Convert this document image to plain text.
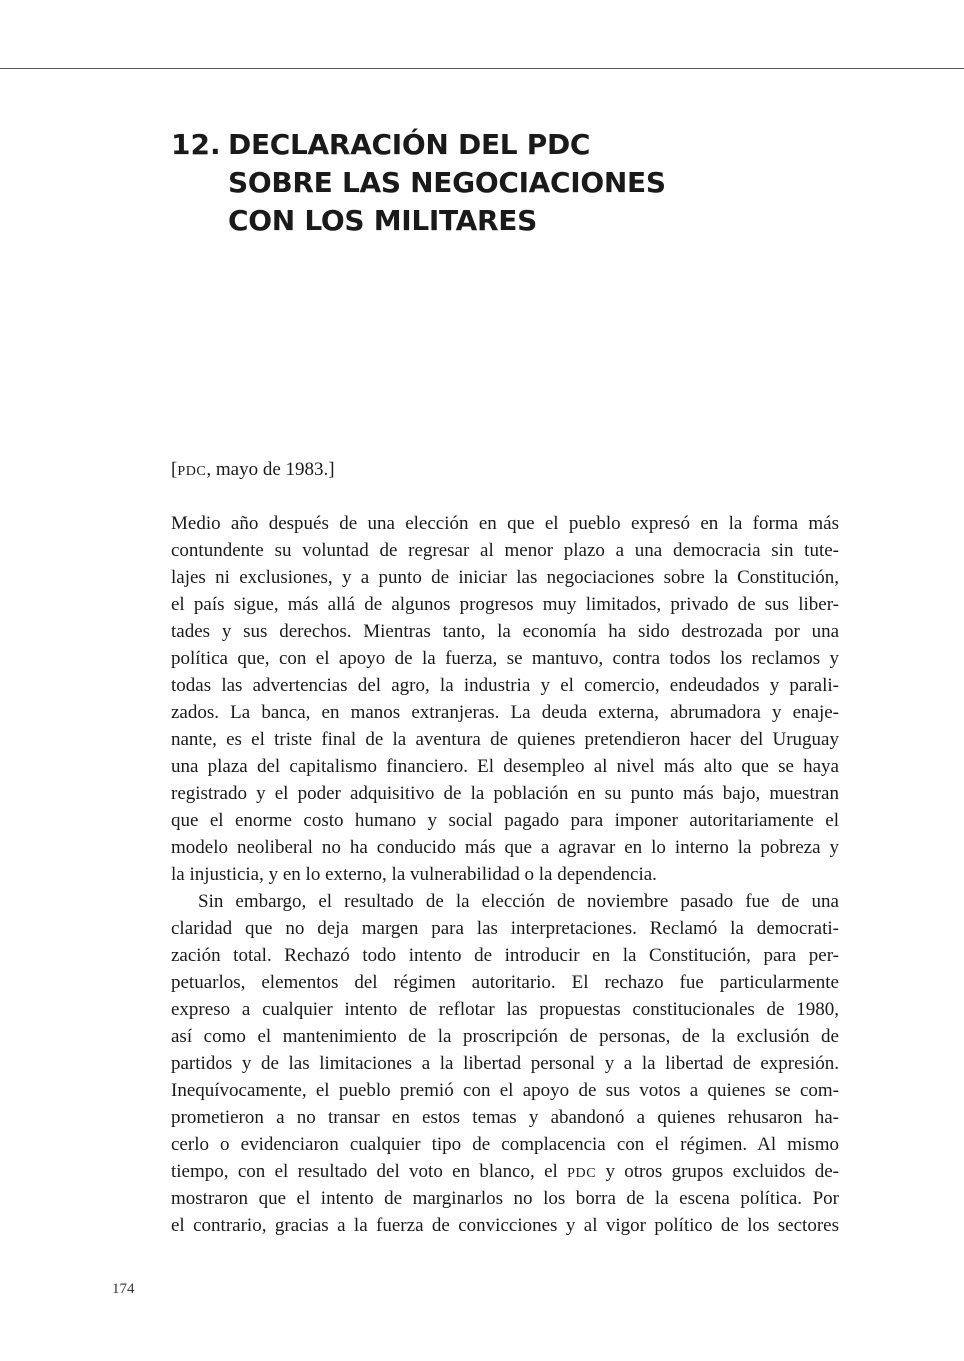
12. DECLARACIÓN DEL PDC
SOBRE LAS NEGOCIACIONES
CON LOS MILITARES
[PDC, mayo de 1983.]
Medio año después de una elección en que el pueblo expresó en la forma más
contundente su voluntad de regresar al menor plazo a una democracia sin tute-
lajes ni exclusiones, y a punto de iniciar las negociaciones sobre la Constitución,
el país sigue, más allá de algunos progresos muy limitados, privado de sus liber-
tades y sus derechos. Mientras tanto, la economía ha sido destrozada por una
política que, con el apoyo de la fuerza, se mantuvo, contra todos los reclamos y
todas las advertencias del agro, la industria y el comercio, endeudados y parali-
zados. La banca, en manos extranjeras. La deuda externa, abrumadora y enaje-
nante, es el triste final de la aventura de quienes pretendieron hacer del Uruguay
una plaza del capitalismo financiero. El desempleo al nivel más alto que se haya
registrado y el poder adquisitivo de la población en su punto más bajo, muestran
que el enorme costo humano y social pagado para imponer autoritariamente el
modelo neoliberal no ha conducido más que a agravar en lo interno la pobreza y
la injusticia, y en lo externo, la vulnerabilidad o la dependencia.
Sin embargo, el resultado de la elección de noviembre pasado fue de una
claridad que no deja margen para las interpretaciones. Reclamó la democrati-
zación total. Rechazó todo intento de introducir en la Constitución, para per-
petuarlos, elementos del régimen autoritario. El rechazo fue particularmente
expreso a cualquier intento de reflotar las propuestas constitucionales de 1980,
así como el mantenimiento de la proscripción de personas, de la exclusión de
partidos y de las limitaciones a la libertad personal y a la libertad de expresión.
Inequívocamente, el pueblo premió con el apoyo de sus votos a quienes se com-
prometieron a no transar en estos temas y abandonó a quienes rehusaron ha-
cerlo o evidenciaron cualquier tipo de complacencia con el régimen. Al mismo
tiempo, con el resultado del voto en blanco, el PDC y otros grupos excluidos de-
mostraron que el intento de marginarlos no los borra de la escena política. Por
el contrario, gracias a la fuerza de convicciones y al vigor político de los sectores
174
